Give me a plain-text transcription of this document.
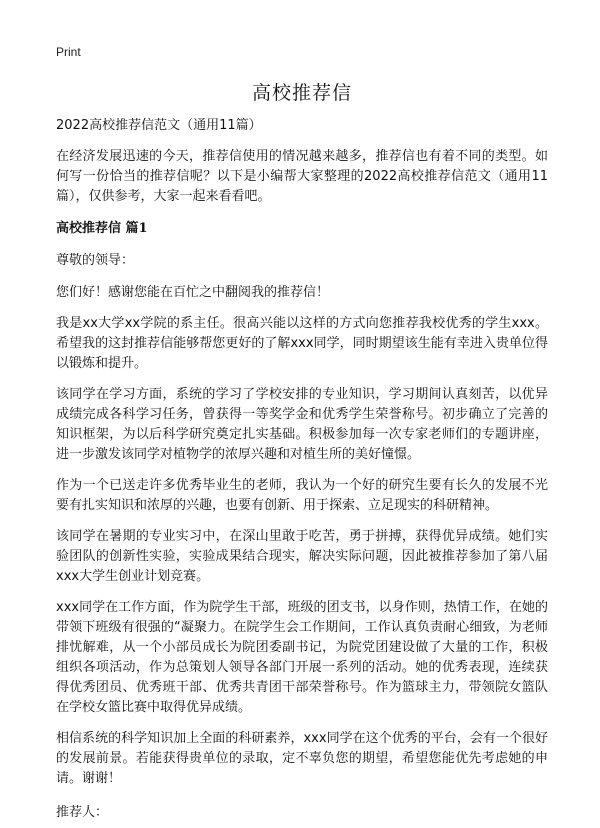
Print
高校推荐信
2022高校推荐信范文（通用11篇）

在经济发展迅速的今天，推荐信使用的情况越来越多，推荐信也有着不同的类型。如何写一份恰当的推荐信呢？以下是小编帮大家整理的2022高校推荐信范文（通用11篇），仅供参考，大家一起来看看吧。

高校推荐信 篇1

尊敬的领导：

您们好！感谢您能在百忙之中翻阅我的推荐信！

我是xx大学xx学院的系主任。很高兴能以这样的方式向您推荐我校优秀的学生xxx。希望我的这封推荐信能够帮您更好的了解xxx同学，同时期望该生能有幸进入贵单位得以锻炼和提升。

该同学在学习方面，系统的学习了学校安排的专业知识，学习期间认真刻苦，以优异成绩完成各科学习任务，曾获得一等奖学金和优秀学生荣誉称号。初步确立了完善的知识框架，为以后科学研究奠定扎实基础。积极参加每一次专家老师们的专题讲座，进一步激发该同学对植物学的浓厚兴趣和对植生所的美好憧憬。

作为一个已送走许多优秀毕业生的老师，我认为一个好的研究生要有长久的发展不光要有扎实知识和浓厚的兴趣，也要有创新、用于探索、立足现实的科研精神。

该同学在暑期的专业实习中，在深山里敢于吃苦，勇于拼搏，获得优异成绩。她们实验团队的创新性实验，实验成果结合现实，解决实际问题，因此被推荐参加了第八届xxx大学生创业计划竞赛。

xxx同学在工作方面，作为院学生干部，班级的团支书，以身作则，热情工作，在她的带领下班级有很强的“凝聚力。在院学生会工作期间，工作认真负责耐心细致，为老师排忧解难，从一个小部员成长为院团委副书记，为院党团建设做了大量的工作，积极组织各项活动，作为总策划人领导各部门开展一系列的活动。她的优秀表现，连续获得优秀团员、优秀班干部、优秀共青团干部荣誉称号。作为篮球主力，带领院女篮队在学校女篮比赛中取得优异成绩。

相信系统的科学知识加上全面的科研素养，xxx同学在这个优秀的平台，会有一个很好的发展前景。若能获得贵单位的录取，定不辜负您的期望，希望您能优先考虑她的申请。谢谢！

推荐人：
